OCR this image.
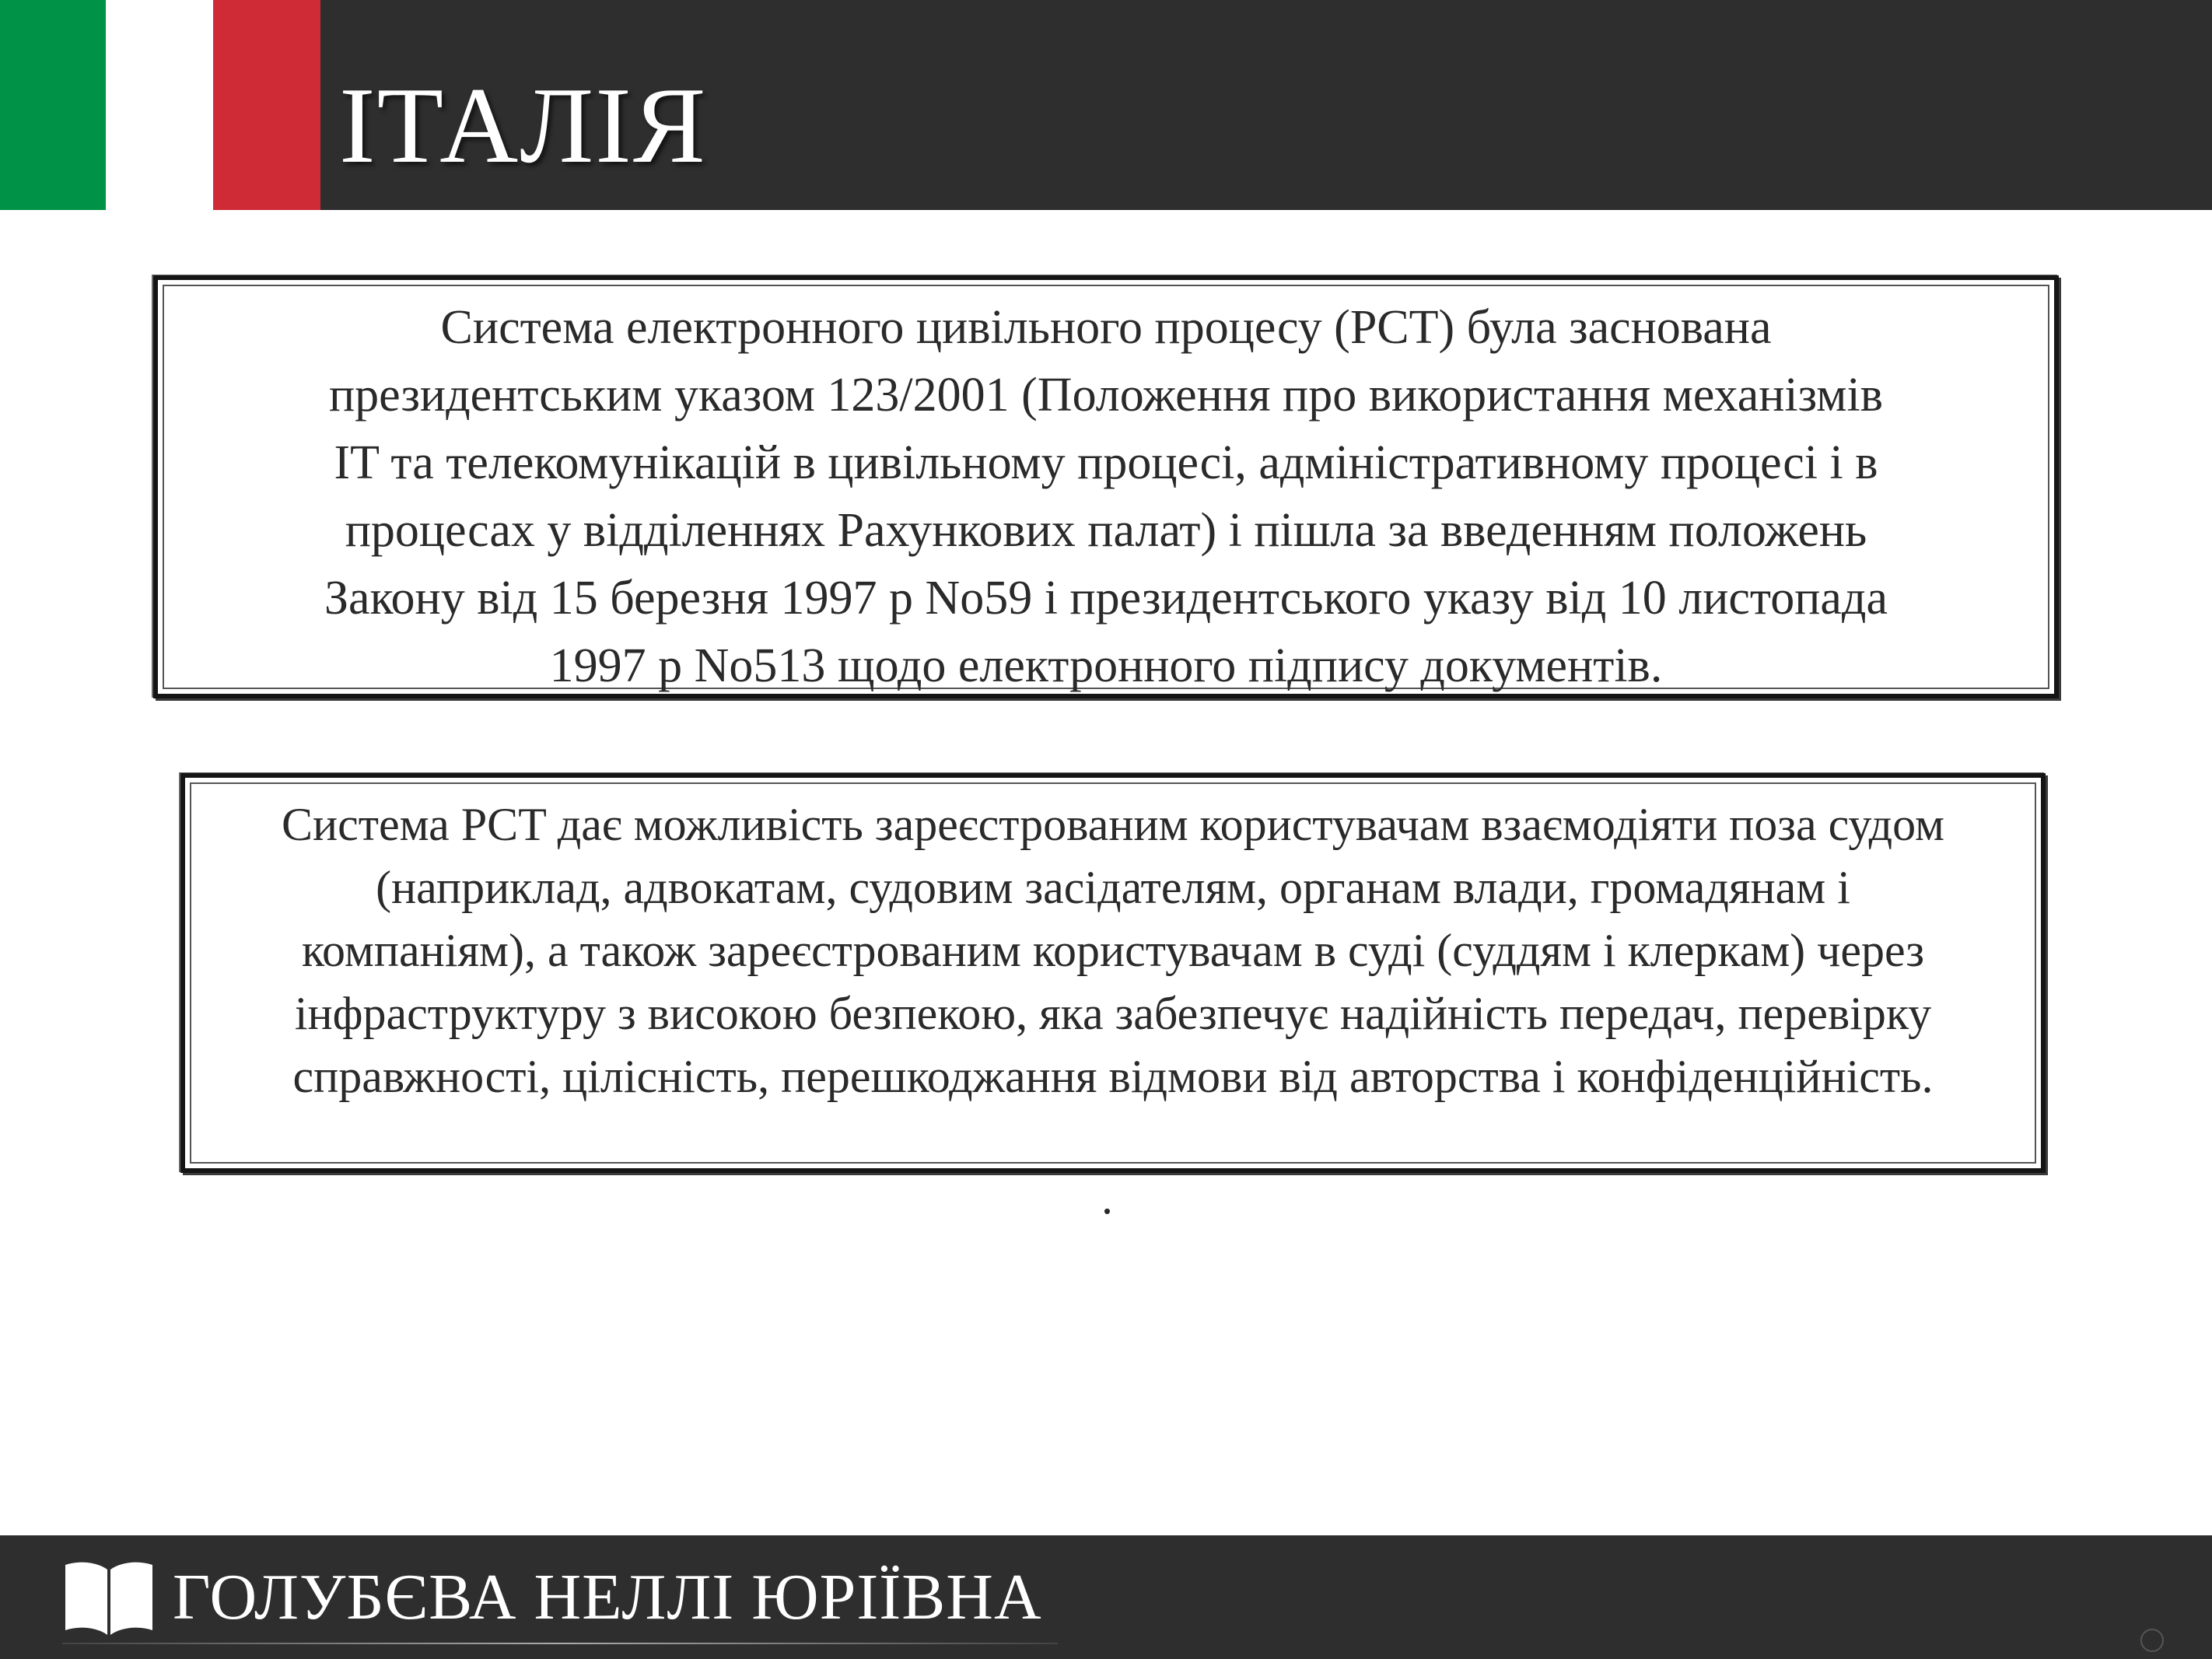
ІТАЛІЯ
Система електронного цивільного процесу (PCT) була заснована
президентським указом 123/2001 (Положення про використання механізмів
IT та телекомунікацій в цивільному процесі, адміністративному процесі і в
процесах у відділеннях Рахункових палат) і пішла за введенням положень
Закону від 15 березня 1997 р No59 і президентського указу від 10 листопада
1997 р No513 щодо електронного підпису документів.
Система PCT дає можливість зареєстрованим користувачам взаємодіяти поза судом
(наприклад, адвокатам, судовим засідателям, органам влади, громадянам і
компаніям), а також зареєстрованим користувачам в суді (суддям і клеркам) через
інфраструктуру з високою безпекою, яка забезпечує надійність передач, перевірку
справжності, цілісність, перешкоджання відмови від авторства і конфіденційність.
.
ГОЛУБЄВА НЕЛЛІ ЮРІЇВНА
